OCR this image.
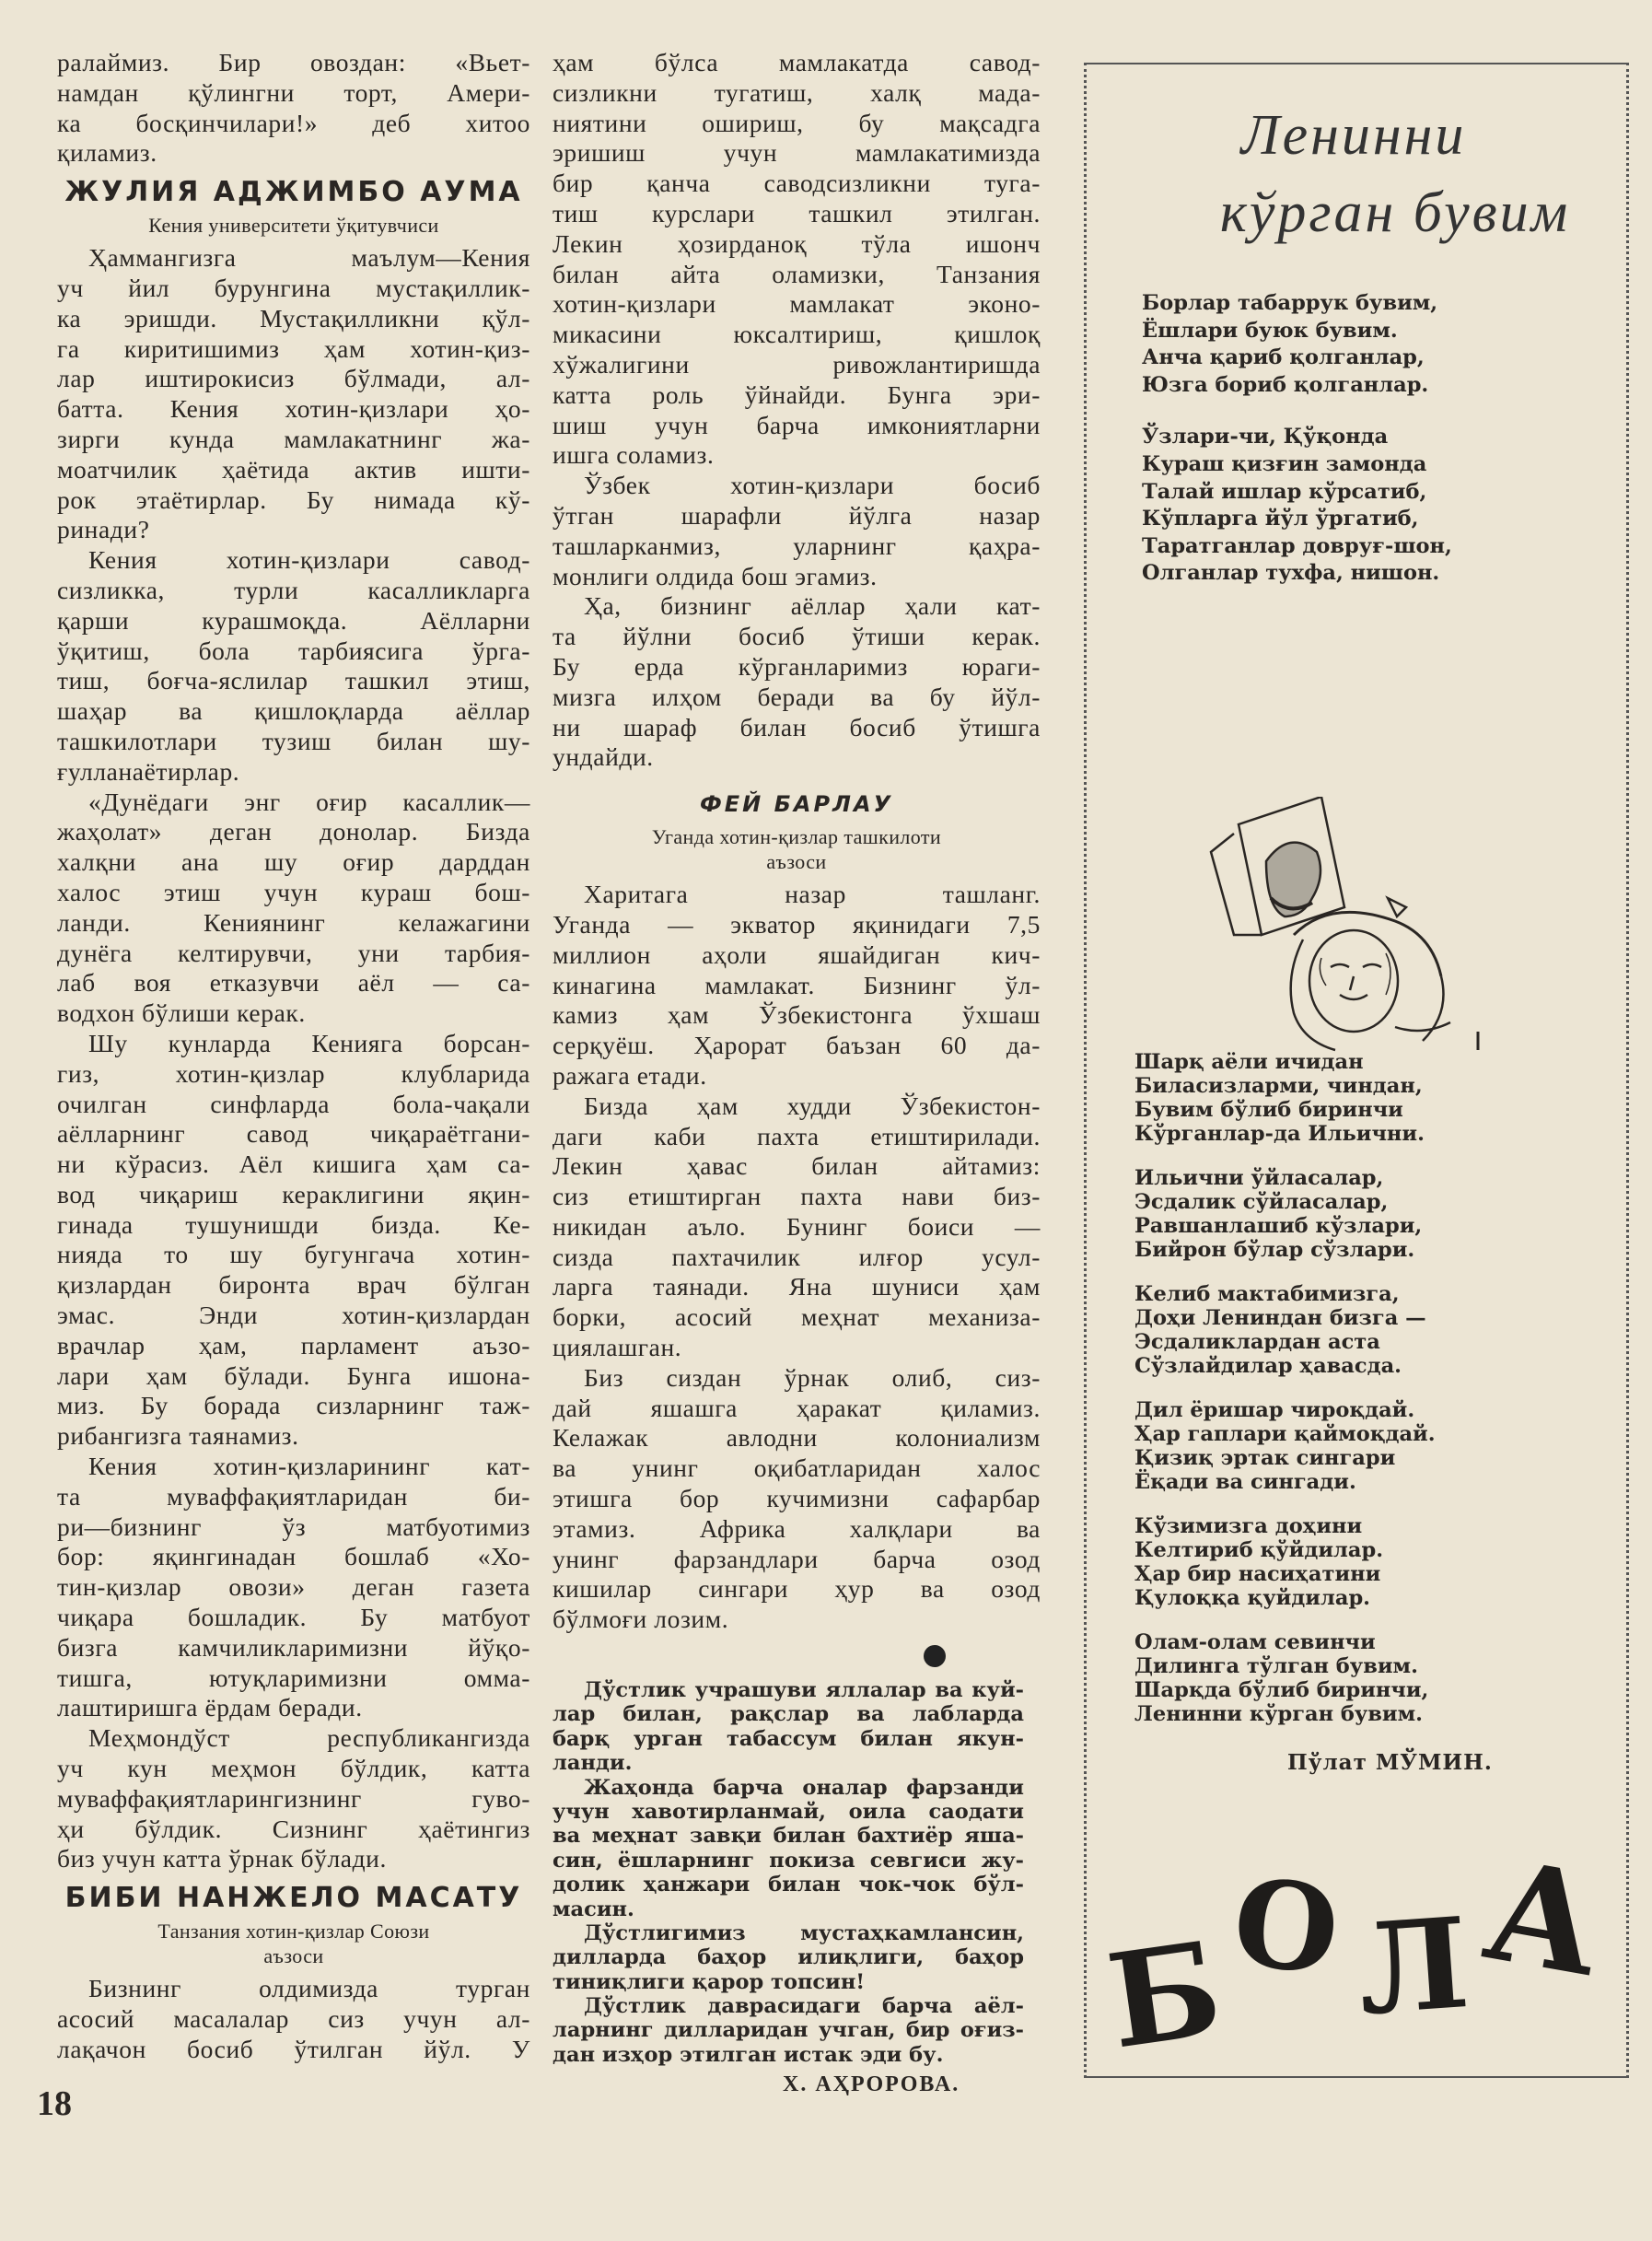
ралаймиз. Бир овоздан: «Вьет-
намдан қўлингни торт, Амери-
ка босқинчилари!» деб хитоо
қиламиз.
ЖУЛИЯ АДЖИМБО АУМА
Кения университети ўқитувчиси
Ҳаммангизга маълум—Кения
уч йил бурунгина мустақиллик-
ка эришди. Мустақилликни қўл-
га киритишимиз ҳам хотин-қиз-
лар иштирокисиз бўлмади, ал-
батта. Кения хотин-қизлари ҳо-
зирги кунда мамлакатнинг жа-
моатчилик ҳаётида актив ишти-
рок этаётирлар. Бу нимада кў-
ринади?
Кения хотин-қизлари савод-
сизликка, турли касалликларга
қарши курашмоқда. Аёлларни
ўқитиш, бола тарбиясига ўрга-
тиш, боғча-яслилар ташкил этиш,
шаҳар ва қишлоқларда аёллар
ташкилотлари тузиш билан шу-
ғулланаётирлар.
«Дунёдаги энг оғир касаллик—
жаҳолат» деган донолар. Бизда
халқни ана шу оғир дарддан
халос этиш учун кураш бош-
ланди. Кениянинг келажагини
дунёга келтирувчи, уни тарбия-
лаб воя етказувчи аёл — са-
водхон бўлиши керак.
Шу кунларда Кенияга борсан-
гиз, хотин-қизлар клубларида
очилган синфларда бола-чақали
аёлларнинг савод чиқараётгани-
ни кўрасиз. Аёл кишига ҳам са-
вод чиқариш кераклигини яқин-
гинада тушунишди бизда. Ке-
нияда то шу бугунгача хотин-
қизлардан биронта врач бўлган
эмас. Энди хотин-қизлардан
врачлар ҳам, парламент аъзо-
лари ҳам бўлади. Бунга ишона-
миз. Бу борада сизларнинг таж-
рибангизга таянамиз.
Кения хотин-қизларининг кат-
та муваффақиятларидан би-
ри—бизнинг ўз матбуотимиз
бор: яқингинадан бошлаб «Хо-
тин-қизлар овози» деган газета
чиқара бошладик. Бу матбуот
бизга камчиликларимизни йўқо-
тишга, ютуқларимизни омма-
лаштиришга ёрдам беради.
Меҳмондўст республикангизда
уч кун меҳмон бўлдик, катта
муваффақиятларингизнинг гуво-
ҳи бўлдик. Сизнинг ҳаётингиз
биз учун катта ўрнак бўлади.
БИБИ НАНЖЕЛО МАСАТУ
Танзания хотин-қизлар Союзи
аъзоси
Бизнинг олдимизда турган
асосий масалалар сиз учун ал-
лақачон босиб ўтилган йўл. У
ҳам бўлса мамлакатда савод-
сизликни тугатиш, халқ мада-
ниятини ошириш, бу мақсадга
эришиш учун мамлакатимизда
бир қанча саводсизликни туга-
тиш курслари ташкил этилган.
Лекин ҳозирданоқ тўла ишонч
билан айта оламизки, Танзания
хотин-қизлари мамлакат эконо-
микасини юксалтириш, қишлоқ
хўжалигини ривожлантиришда
катта роль ўйнайди. Бунга эри-
шиш учун барча имкониятларни
ишга соламиз.
Ўзбек хотин-қизлари босиб
ўтган шарафли йўлга назар
ташларканмиз, уларнинг қаҳра-
монлиги олдида бош эгамиз.
Ҳа, бизнинг аёллар ҳали кат-
та йўлни босиб ўтиши керак.
Бу ерда кўрганларимиз юраги-
мизга илҳом беради ва бу йўл-
ни шараф билан босиб ўтишга
ундайди.
ФЕЙ БАРЛАУ
Уганда хотин-қизлар ташкилоти
аъзоси
Харитага назар ташланг.
Уганда — экватор яқинидаги 7,5
миллион аҳоли яшайдиган кич-
кинагина мамлакат. Бизнинг ўл-
камиз ҳам Ўзбекистонга ўхшаш
серқуёш. Ҳарорат баъзан 60 да-
ражага етади.
Бизда ҳам худди Ўзбекистон-
даги каби пахта етиштирилади.
Лекин ҳавас билан айтамиз:
сиз етиштирган пахта нави биз-
никидан аъло. Бунинг боиси —
сизда пахтачилик илғор усул-
ларга таянади. Яна шуниси ҳам
борки, асосий меҳнат механиза-
циялашган.
Биз сиздан ўрнак олиб, сиз-
дай яшашга ҳаракат қиламиз.
Келажак авлодни колониализм
ва унинг оқибатларидан халос
этишга бор кучимизни сафарбар
этамиз. Африка халқлари ва
унинг фарзандлари барча озод
кишилар сингари ҳур ва озод
бўлмоғи лозим.
Дўстлик учрашуви яллалар ва куй-
лар билан, рақслар ва лабларда
барқ урган табассум билан якун-
ланди.
Жаҳонда барча оналар фарзанди
учун хавотирланмай, оила саодати
ва меҳнат завқи билан бахтиёр яша-
син, ёшларнинг покиза севгиси жу-
долик ҳанжари билан чок-чок бўл-
масин.
Дўстлигимиз мустаҳкамлансин,
дилларда баҳор илиқлиги, баҳор
тиниқлиги қарор топсин!
Дўстлик даврасидаги барча аёл-
ларнинг дилларидан учган, бир оғиз-
дан изҳор этилган истак эди бу.
Х. АҲРОРОВА.
Ленинни
кўрган бувим
Борлар табаррук бувим,
Ёшлари буюк бувим.
Анча қариб қолганлар,
Юзга бориб қолганлар.
Ўзлари-чи, Қўқонда
Кураш қизғин замонда
Талай ишлар кўрсатиб,
Кўпларга йўл ўргатиб,
Таратганлар довруғ-шон,
Олганлар тухфа, нишон.
Шарқ аёли ичидан
Биласизларми, чиндан,
Бувим бўлиб биринчи
Кўрганлар-да Ильични.
Ильични ўйласалар,
Эсдалик сўйласалар,
Равшанлашиб кўзлари,
Бийрон бўлар сўзлари.
Келиб мактабимизга,
Доҳи Лениндан бизга —
Эсдаликлардан аста
Сўзлайдилар ҳавасда.
Дил ёришар чироқдай.
Ҳар гаплари қаймоқдай.
Қизиқ эртак сингари
Ёқади ва сингади.
Кўзимизга доҳини
Келтириб қўйдилар.
Ҳар бир насиҳатини
Қулоққа қуйдилар.
Олам-олам севинчи
Дилинга тўлган бувим.
Шарқда бўлиб биринчи,
Ленинни кўрган бувим.
Пўлат МЎМИН.
Б
О Л А
18
